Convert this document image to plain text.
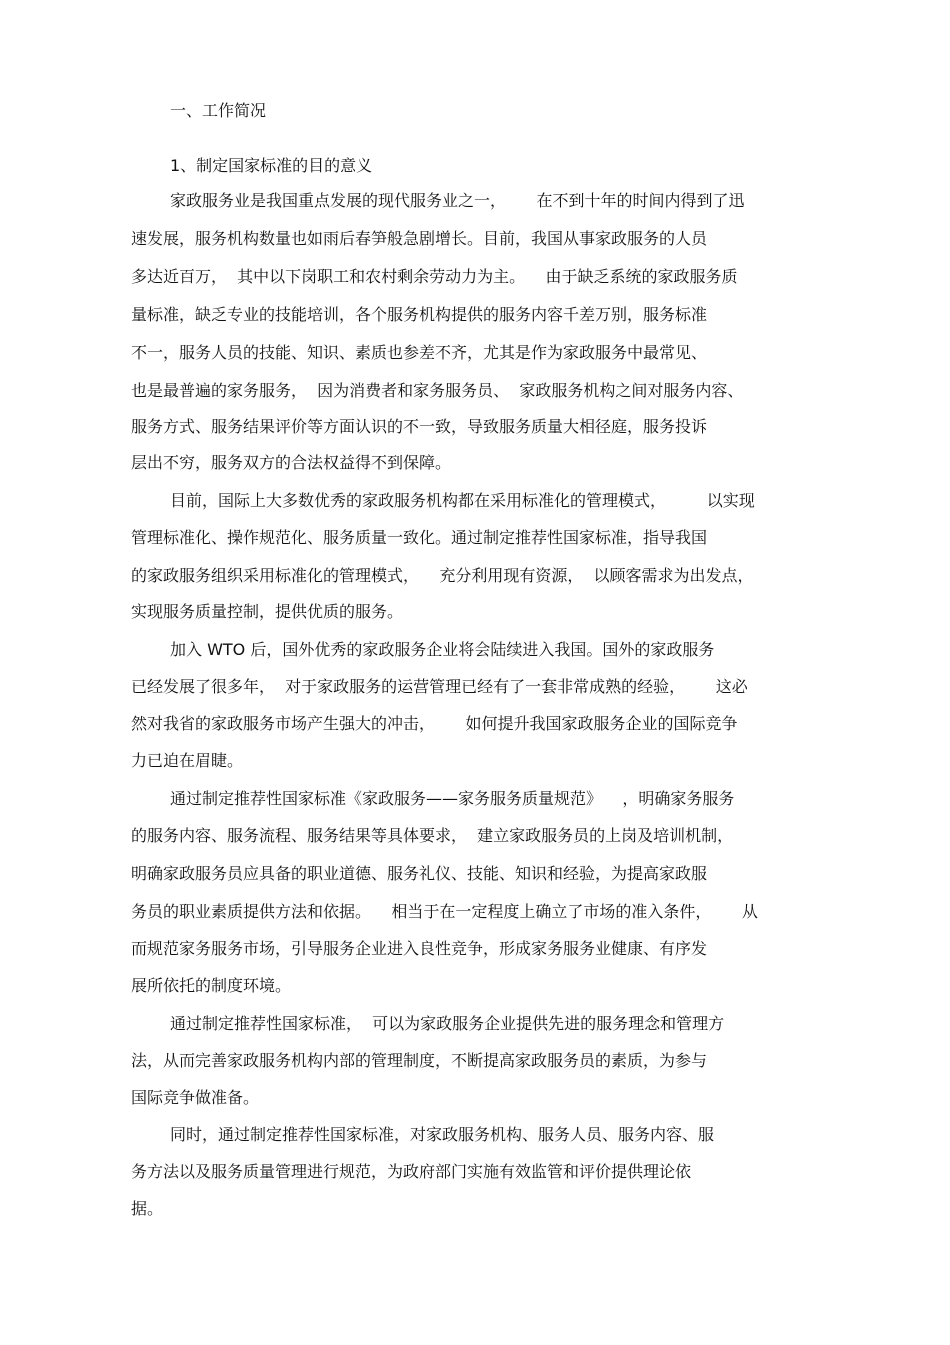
一、工作简况
1、制定国家标准的目的意义
家政服务业是我国重点发展的现代服务业之一，      在不到十年的时间内得到了迅
速发展，服务机构数量也如雨后春笋般急剧增长。目前，我国从事家政服务的人员
多达近百万，  其中以下岗职工和农村剩余劳动力为主。    由于缺乏系统的家政服务质
量标准，缺乏专业的技能培训，各个服务机构提供的服务内容千差万别，服务标准
不一，服务人员的技能、知识、素质也参差不齐，尤其是作为家政服务中最常见、
也是最普遍的家务服务，  因为消费者和家务服务员、  家政服务机构之间对服务内容、
服务方式、服务结果评价等方面认识的不一致，导致服务质量大相径庭，服务投诉
层出不穷，服务双方的合法权益得不到保障。
目前，国际上大多数优秀的家政服务机构都在采用标准化的管理模式，        以实现
管理标准化、操作规范化、服务质量一致化。通过制定推荐性国家标准，指导我国
的家政服务组织采用标准化的管理模式，    充分利用现有资源，  以顾客需求为出发点，
实现服务质量控制，提供优质的服务。
加入 WTO 后，国外优秀的家政服务企业将会陆续进入我国。国外的家政服务
已经发展了很多年，  对于家政服务的运营管理已经有了一套非常成熟的经验，      这必
然对我省的家政服务市场产生强大的冲击，      如何提升我国家政服务企业的国际竞争
力已迫在眉睫。
通过制定推荐性国家标准《家政服务——家务服务质量规范》    ，明确家务服务
的服务内容、服务流程、服务结果等具体要求，  建立家政服务员的上岗及培训机制，
明确家政服务员应具备的职业道德、服务礼仪、技能、知识和经验，为提高家政服
务员的职业素质提供方法和依据。    相当于在一定程度上确立了市场的准入条件，      从
而规范家务服务市场，引导服务企业进入良性竞争，形成家务服务业健康、有序发
展所依托的制度环境。
通过制定推荐性国家标准，  可以为家政服务企业提供先进的服务理念和管理方
法，从而完善家政服务机构内部的管理制度，不断提高家政服务员的素质，为参与
国际竞争做准备。
同时，通过制定推荐性国家标准，对家政服务机构、服务人员、服务内容、服
务方法以及服务质量管理进行规范，为政府部门实施有效监管和评价提供理论依
据。
